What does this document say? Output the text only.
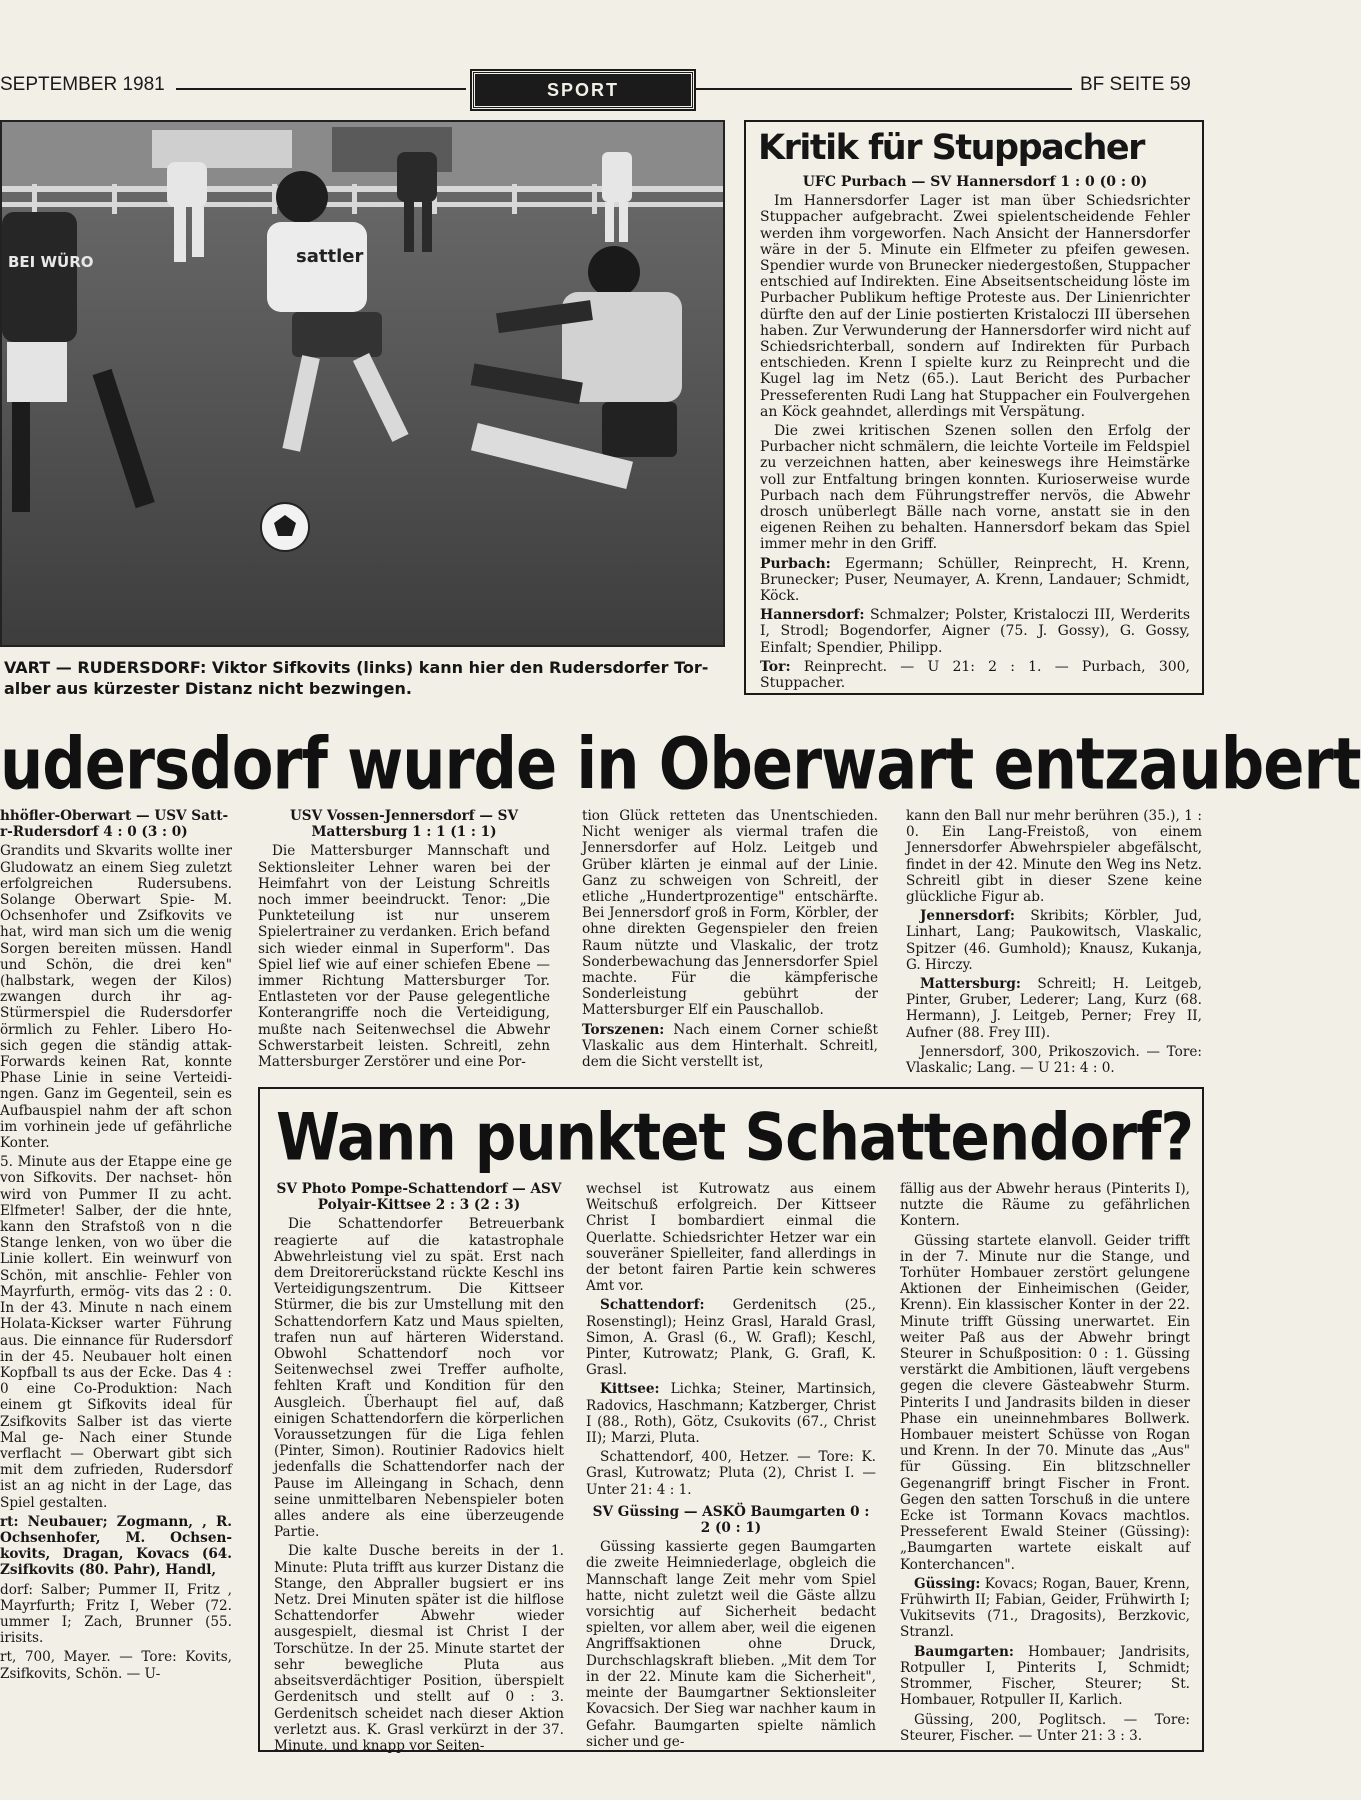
SEPTEMBER 1981	SPORT	BF SEITE 59
BEI WÜRO	sattler
VART — RUDERSDORF: Viktor Sifkovits (links) kann hier den Rudersdorfer Tor- alber aus kürzester Distanz nicht bezwingen.
Kritik für Stuppacher

UFC Purbach — SV Hannersdorf 1 : 0 (0 : 0)

Im Hannersdorfer Lager ist man über Schiedsrichter Stuppacher aufgebracht. Zwei spielentscheidende Fehler werden ihm vorgeworfen. Nach Ansicht der Hannersdorfer wäre in der 5. Minute ein Elfmeter zu pfeifen gewesen. Spendier wurde von Brunecker niedergestoßen, Stuppacher entschied auf Indirekten. Eine Abseitsentscheidung löste im Purbacher Publikum heftige Proteste aus. Der Linienrichter dürfte den auf der Linie postierten Kristaloczi III übersehen haben. Zur Verwunderung der Hannersdorfer wird nicht auf Schiedsrichterball, sondern auf Indirekten für Purbach entschieden. Krenn I spielte kurz zu Reinprecht und die Kugel lag im Netz (65.). Laut Bericht des Purbacher Presseferenten Rudi Lang hat Stuppacher ein Foulvergehen an Köck geahndet, allerdings mit Verspätung.

Die zwei kritischen Szenen sollen den Erfolg der Purbacher nicht schmälern, die leichte Vorteile im Feldspiel zu verzeichnen hatten, aber keineswegs ihre Heimstärke voll zur Entfaltung bringen konnten. Kurioserweise wurde Purbach nach dem Führungstreffer nervös, die Abwehr drosch unüberlegt Bälle nach vorne, anstatt sie in den eigenen Reihen zu behalten. Hannersdorf bekam das Spiel immer mehr in den Griff.

Purbach: Egermann; Schüller, Reinprecht, H. Krenn, Brunecker; Puser, Neumayer, A. Krenn, Landauer; Schmidt, Köck.

Hannersdorf: Schmalzer; Polster, Kristaloczi III, Werderits I, Strodl; Bogendorfer, Aigner (75. J. Gossy), G. Gossy, Einfalt; Spendier, Philipp.

Tor: Reinprecht. — U 21: 2 : 1. — Purbach, 300, Stuppacher.

udersdorf wurde in Oberwart entzaubert

hhöfler-Oberwart — USV Satt- r-Rudersdorf 4 : 0 (3 : 0)

Grandits und Skvarits wollte iner Gludowatz an einem Sieg zuletzt erfolgreichen Rudersubens. Solange Oberwart Spie- M. Ochsenhofer und Zsifkovits ve hat, wird man sich um die wenig Sorgen bereiten müssen. Handl und Schön, die drei ken" (halbstark, wegen der Kilos) zwangen durch ihr ag- Stürmerspiel die Rudersdorfer örmlich zu Fehler. Libero Ho- sich gegen die ständig attak- Forwards keinen Rat, konnte Phase Linie in seine Verteidi- ngen. Ganz im Gegenteil, sein es Aufbauspiel nahm der aft schon im vorhinein jede uf gefährliche Konter.

5. Minute aus der Etappe eine ge von Sifkovits. Der nachset- hön wird von Pummer II zu acht. Elfmeter! Salber, der die hnte, kann den Strafstoß von n die Stange lenken, von wo über die Linie kollert. Ein weinwurf von Schön, mit anschlie- Fehler von Mayrfurth, ermög- vits das 2 : 0. In der 43. Minute n nach einem Holata-Kickser warter Führung aus. Die einnance für Rudersdorf in der 45. Neubauer holt einen Kopfball ts aus der Ecke. Das 4 : 0 eine Co-Produktion: Nach einem gt Sifkovits ideal für Zsifkovits Salber ist das vierte Mal ge- Nach einer Stunde verflacht — Oberwart gibt sich mit dem zufrieden, Rudersdorf ist an ag nicht in der Lage, das Spiel gestalten.

rt: Neubauer; Zogmann, , R. Ochsenhofer, M. Ochsen- kovits, Dragan, Kovacs (64. Zsifkovits (80. Pahr), Handl,

dorf: Salber; Pummer II, Fritz , Mayrfurth; Fritz I, Weber (72. ummer I; Zach, Brunner (55. irisits.

rt, 700, Mayer. — Tore: Kovits, Zsifkovits, Schön. — U-

USV Vossen-Jennersdorf — SV Mattersburg 1 : 1 (1 : 1)

Die Mattersburger Mannschaft und Sektionsleiter Lehner waren bei der Heimfahrt von der Leistung Schreitls noch immer beeindruckt. Tenor: „Die Punkteteilung ist nur unserem Spielertrainer zu verdanken. Erich befand sich wieder einmal in Superform". Das Spiel lief wie auf einer schiefen Ebene — immer Richtung Mattersburger Tor. Entlasteten vor der Pause gelegentliche Konterangriffe noch die Verteidigung, mußte nach Seitenwechsel die Abwehr Schwerstarbeit leisten. Schreitl, zehn Mattersburger Zerstörer und eine Por-

tion Glück retteten das Unentschieden. Nicht weniger als viermal trafen die Jennersdorfer auf Holz. Leitgeb und Grüber klärten je einmal auf der Linie. Ganz zu schweigen von Schreitl, der etliche „Hundertprozentige" entschärfte. Bei Jennersdorf groß in Form, Körbler, der ohne direkten Gegenspieler den freien Raum nützte und Vlaskalic, der trotz Sonderbewachung das Jennersdorfer Spiel machte. Für die kämpferische Sonderleistung gebührt der Mattersburger Elf ein Pauschallob.

Torszenen: Nach einem Corner schießt Vlaskalic aus dem Hinterhalt. Schreitl, dem die Sicht verstellt ist,

kann den Ball nur mehr berühren (35.), 1 : 0. Ein Lang-Freistoß, von einem Jennersdorfer Abwehrspieler abgefälscht, findet in der 42. Minute den Weg ins Netz. Schreitl gibt in dieser Szene keine glückliche Figur ab.

Jennersdorf: Skribits; Körbler, Jud, Linhart, Lang; Paukowitsch, Vlaskalic, Spitzer (46. Gumhold); Knausz, Kukanja, G. Hirczy.

Mattersburg: Schreitl; H. Leitgeb, Pinter, Gruber, Lederer; Lang, Kurz (68. Hermann), J. Leitgeb, Perner; Frey II, Aufner (88. Frey III).

Jennersdorf, 300, Prikoszovich. — Tore: Vlaskalic; Lang. — U 21: 4 : 0.

Wann punktet Schattendorf?

SV Photo Pompe-Schattendorf — ASV Polyair-Kittsee 2 : 3 (2 : 3)

Die Schattendorfer Betreuerbank reagierte auf die katastrophale Abwehrleistung viel zu spät. Erst nach dem Dreitorerückstand rückte Keschl ins Verteidigungszentrum. Die Kittseer Stürmer, die bis zur Umstellung mit den Schattendorfern Katz und Maus spielten, trafen nun auf härteren Widerstand. Obwohl Schattendorf noch vor Seitenwechsel zwei Treffer aufholte, fehlten Kraft und Kondition für den Ausgleich. Überhaupt fiel auf, daß einigen Schattendorfern die körperlichen Voraussetzungen für die Liga fehlen (Pinter, Simon). Routinier Radovics hielt jedenfalls die Schattendorfer nach der Pause im Alleingang in Schach, denn seine unmittelbaren Nebenspieler boten alles andere als eine überzeugende Partie.

Die kalte Dusche bereits in der 1. Minute: Pluta trifft aus kurzer Distanz die Stange, den Abpraller bugsiert er ins Netz. Drei Minuten später ist die hilflose Schattendorfer Abwehr wieder ausgespielt, diesmal ist Christ I der Torschütze. In der 25. Minute startet der sehr bewegliche Pluta aus abseitsverdächtiger Position, überspielt Gerdenitsch und stellt auf 0 : 3. Gerdenitsch scheidet nach dieser Aktion verletzt aus. K. Grasl verkürzt in der 37. Minute, und knapp vor Seiten-

wechsel ist Kutrowatz aus einem Weitschuß erfolgreich. Der Kittseer Christ I bombardiert einmal die Querlatte. Schiedsrichter Hetzer war ein souveräner Spielleiter, fand allerdings in der betont fairen Partie kein schweres Amt vor.

Schattendorf: Gerdenitsch (25., Rosenstingl); Heinz Grasl, Harald Grasl, Simon, A. Grasl (6., W. Grafl); Keschl, Pinter, Kutrowatz; Plank, G. Grafl, K. Grasl.

Kittsee: Lichka; Steiner, Martinsich, Radovics, Haschmann; Katzberger, Christ I (88., Roth), Götz, Csukovits (67., Christ II); Marzi, Pluta.

Schattendorf, 400, Hetzer. — Tore: K. Grasl, Kutrowatz; Pluta (2), Christ I. — Unter 21: 4 : 1.

SV Güssing — ASKÖ Baumgarten 0 : 2 (0 : 1)

Güssing kassierte gegen Baumgarten die zweite Heimniederlage, obgleich die Mannschaft lange Zeit mehr vom Spiel hatte, nicht zuletzt weil die Gäste allzu vorsichtig auf Sicherheit bedacht spielten, vor allem aber, weil die eigenen Angriffsaktionen ohne Druck, Durchschlagskraft blieben. „Mit dem Tor in der 22. Minute kam die Sicherheit", meinte der Baumgartner Sektionsleiter Kovacsich. Der Sieg war nachher kaum in Gefahr. Baumgarten spielte nämlich sicher und ge-

fällig aus der Abwehr heraus (Pinterits I), nutzte die Räume zu gefährlichen Kontern.

Güssing startete elanvoll. Geider trifft in der 7. Minute nur die Stange, und Torhüter Hombauer zerstört gelungene Aktionen der Einheimischen (Geider, Krenn). Ein klassischer Konter in der 22. Minute trifft Güssing unerwartet. Ein weiter Paß aus der Abwehr bringt Steurer in Schußposition: 0 : 1. Güssing verstärkt die Ambitionen, läuft vergebens gegen die clevere Gästeabwehr Sturm. Pinterits I und Jandrasits bilden in dieser Phase ein uneinnehmbares Bollwerk. Hombauer meistert Schüsse von Rogan und Krenn. In der 70. Minute das „Aus" für Güssing. Ein blitzschneller Gegenangriff bringt Fischer in Front. Gegen den satten Torschuß in die untere Ecke ist Tormann Kovacs machtlos. Presseferent Ewald Steiner (Güssing): „Baumgarten wartete eiskalt auf Konterchancen".

Güssing: Kovacs; Rogan, Bauer, Krenn, Frühwirth II; Fabian, Geider, Frühwirth I; Vukitsevits (71., Dragosits), Berzkovic, Stranzl.

Baumgarten: Hombauer; Jandrisits, Rotpuller I, Pinterits I, Schmidt; Strommer, Fischer, Steurer; St. Hombauer, Rotpuller II, Karlich.

Güssing, 200, Poglitsch. — Tore: Steurer, Fischer. — Unter 21: 3 : 3.
